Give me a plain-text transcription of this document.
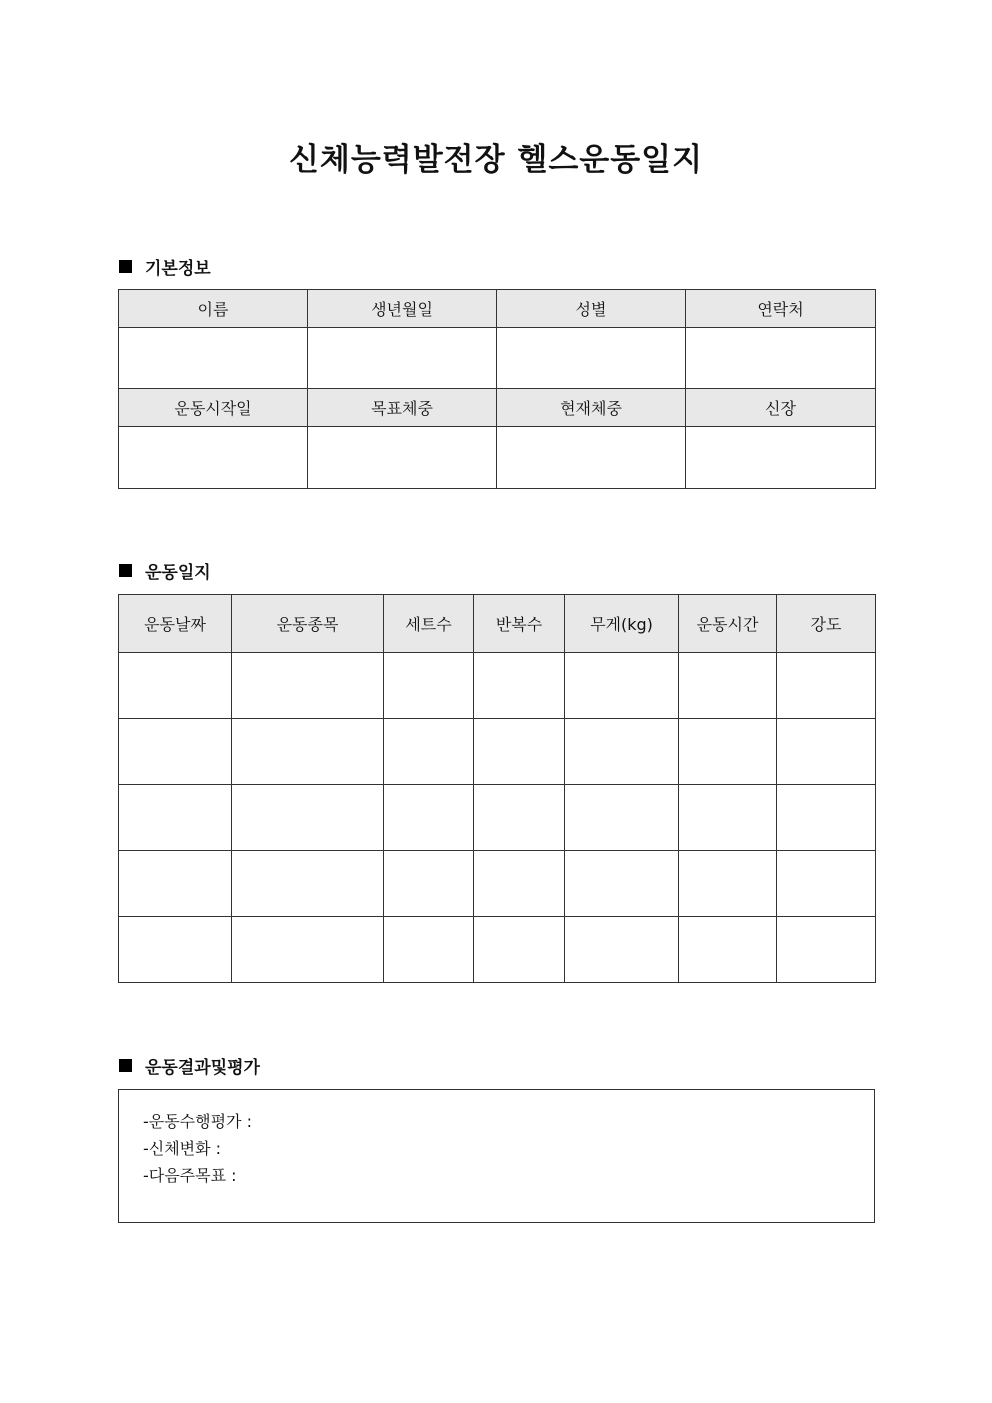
신체능력발전장 헬스운동일지
기본정보
이름	생년월일	성별	연락처

운동시작일	목표체중	현재체중	신장

운동일지
운동날짜	운동종목	세트수	반복수	무게(kg)	운동시간	강도

운동결과및평가
-운동수행평가 :
-신체변화 :
-다음주목표 :
